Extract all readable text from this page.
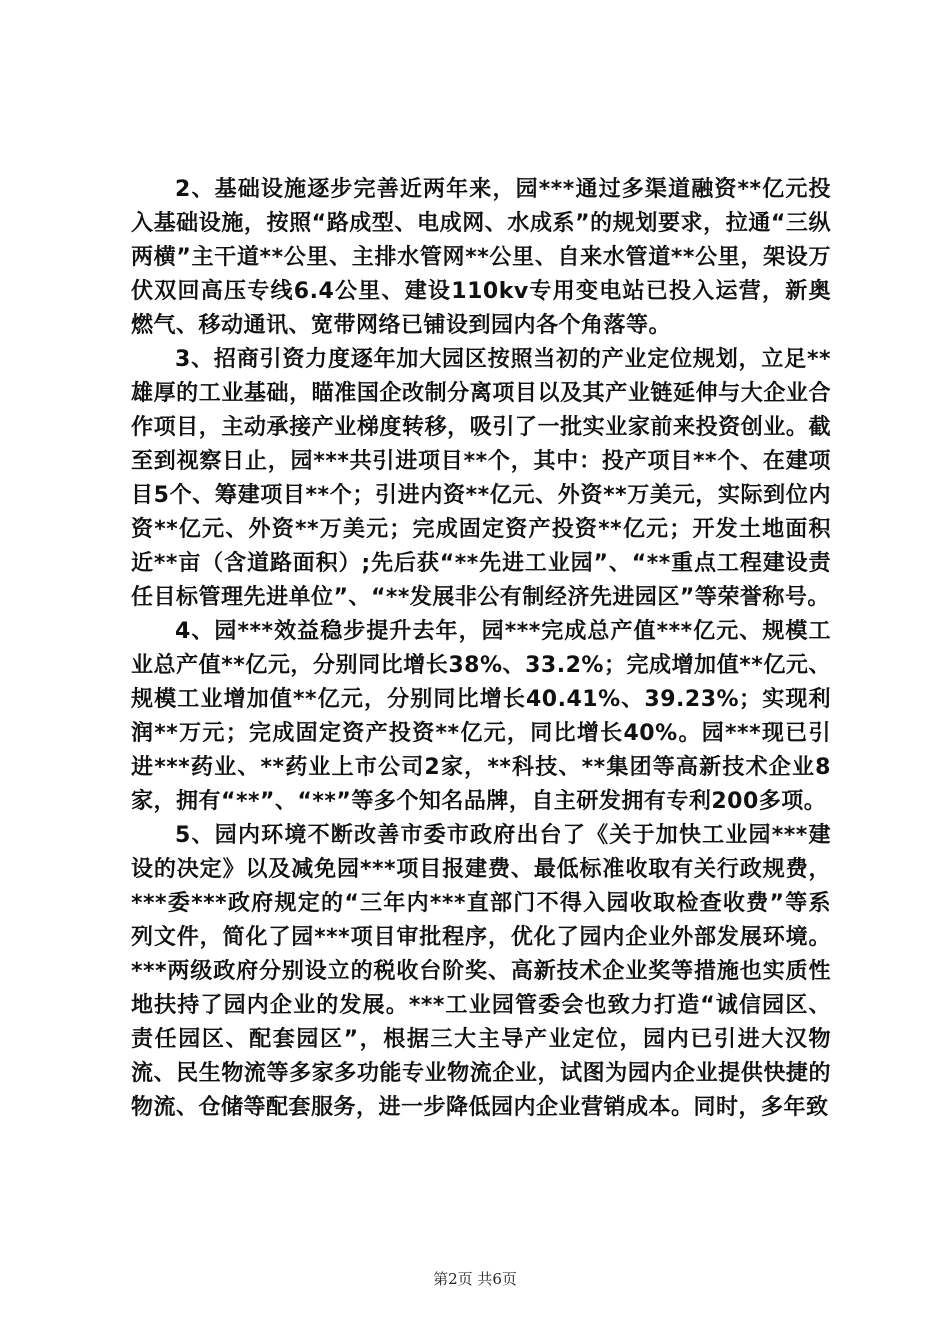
2、基础设施逐步完善近两年来，园***通过多渠道融资**亿元投入基础设施，按照“路成型、电成网、水成系”的规划要求，拉通“三纵两横”主干道**公里、主排水管网**公里、自来水管道**公里，架设万伏双回高压专线6.4公里、建设110kv专用变电站已投入运营，新奥燃气、移动通讯、宽带网络已铺设到园内各个角落等。

3、招商引资力度逐年加大园区按照当初的产业定位规划，立足**雄厚的工业基础，瞄准国企改制分离项目以及其产业链延伸与大企业合作项目，主动承接产业梯度转移，吸引了一批实业家前来投资创业。截至到视察日止，园***共引进项目**个，其中：投产项目**个、在建项目5个、筹建项目**个；引进内资**亿元、外资**万美元，实际到位内资**亿元、外资**万美元；完成固定资产投资**亿元；开发土地面积近**亩（含道路面积）;先后获“**先进工业园”、“**重点工程建设责任目标管理先进单位”、“**发展非公有制经济先进园区”等荣誉称号。

4、园***效益稳步提升去年，园***完成总产值***亿元、规模工业总产值**亿元，分别同比增长38%、33.2%；完成增加值**亿元、规模工业增加值**亿元，分别同比增长40.41%、39.23%；实现利润**万元；完成固定资产投资**亿元，同比增长40%。园***现已引进***药业、**药业上市公司2家，**科技、**集团等高新技术企业8家，拥有“**”、“**”等多个知名品牌，自主研发拥有专利200多项。

5、园内环境不断改善市委市政府出台了《关于加快工业园***建设的决定》以及减免园***项目报建费、最低标准收取有关行政规费，***委***政府规定的“三年内***直部门不得入园收取检查收费”等系列文件，简化了园***项目审批程序，优化了园内企业外部发展环境。***两级政府分别设立的税收台阶奖、高新技术企业奖等措施也实质性地扶持了园内企业的发展。***工业园管委会也致力打造“诚信园区、责任园区、配套园区”，根据三大主导产业定位，园内已引进大汉物流、民生物流等多家多功能专业物流企业，试图为园内企业提供快捷的物流、仓储等配套服务，进一步降低园内企业营销成本。同时，多年致

第2页 共6页
